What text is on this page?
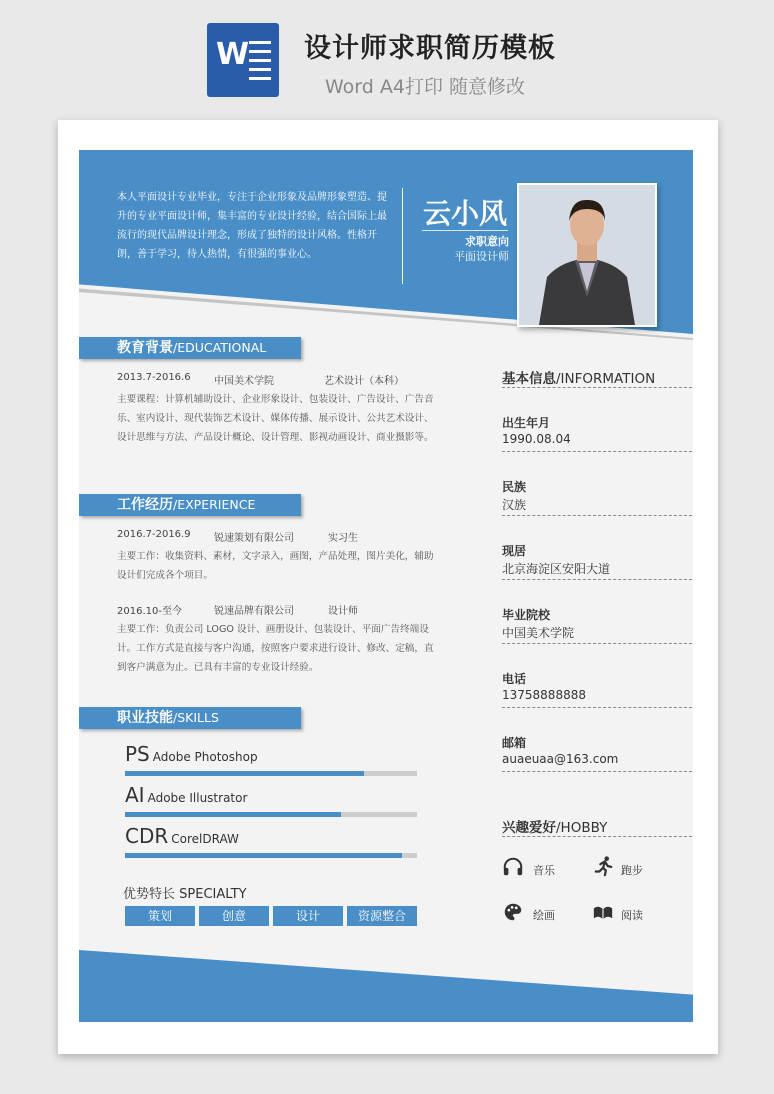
W 设计师求职简历模板
Word A4打印 随意修改
本人平面设计专业毕业，专注于企业形象及品牌形象塑造、提升的专业平面设计师，集丰富的专业设计经验，结合国际上最流行的现代品牌设计理念，形成了独特的设计风格。性格开朗，善于学习，待人热情，有很强的事业心。
云小风
求职意向
平面设计师
教育背景/EDUCATIONAL
2013.7-2016.6 中国美术学院	艺术设计（本科）
主要课程：计算机辅助设计、企业形象设计、包装设计、广告设计、广告音乐、室内设计、现代装饰艺术设计、媒体传播、展示设计、公共艺术设计、设计思维与方法、产品设计概论、设计管理、影视动画设计、商业摄影等。
工作经历/EXPERIENCE
2016.7-2016.9 锐速策划有限公司	实习生
主要工作：收集资料、素材，文字录入，画图，产品处理，图片美化，辅助设计们完成各个项目。
2016.10-至今	锐速品牌有限公司	设计师
主要工作：负责公司 LOGO 设计、画册设计、包装设计、平面广告终端设计。工作方式是直接与客户沟通，按照客户要求进行设计、修改、定稿，直到客户满意为止。已具有丰富的专业设计经验。
职业技能/SKILLS
PS Adobe Photoshop
AI Adobe Illustrator
CDR CorelDRAW
优势特长 SPECIALTY
策划	创意	设计	资源整合
基本信息/INFORMATION
出生年月
1990.08.04
民族
汉族
现居
北京海淀区安阳大道
毕业院校
中国美术学院
电话
13758888888
邮箱
auaeuaa@163.com
兴趣爱好/HOBBY
音乐	跑步
绘画	阅读
